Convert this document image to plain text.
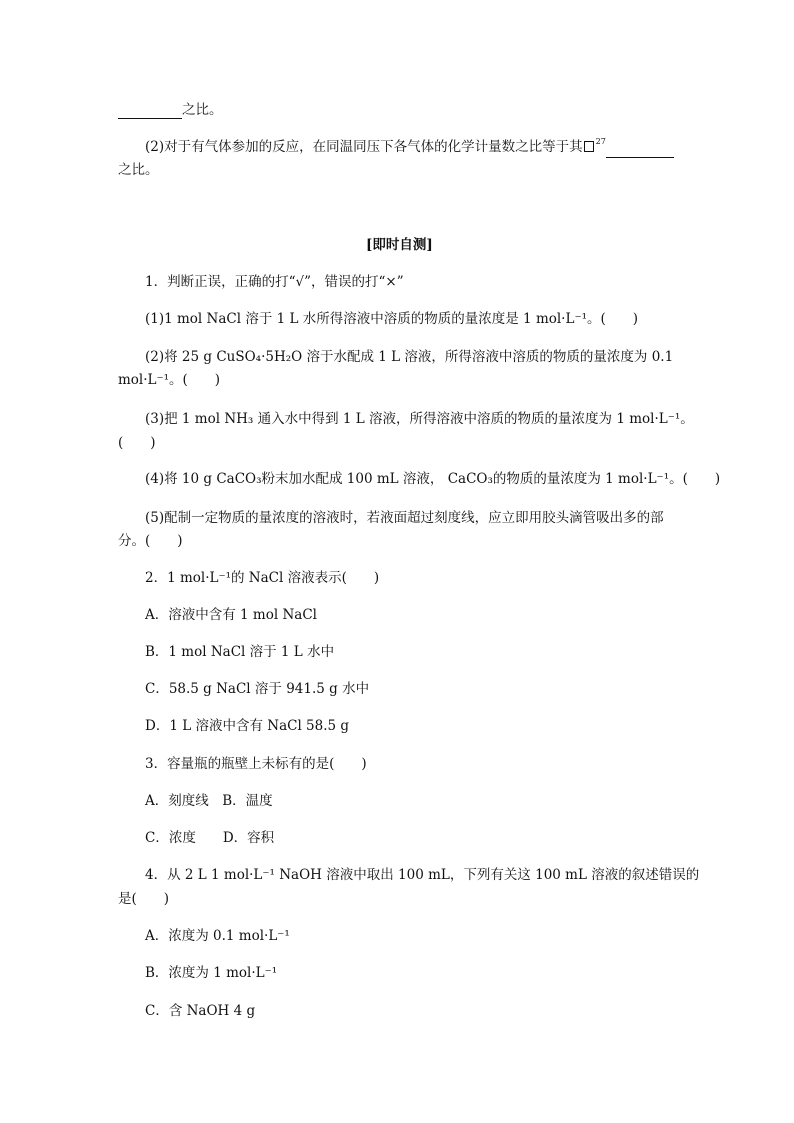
之比。
(2)对于有气体参加的反应，在同温同压下各气体的化学计量数之比等于其 $^{27}$
之比。
[即时自测]
1．判断正误，正确的打“√”，错误的打“×”
(1)1 mol NaCl 溶于 1 L 水所得溶液中溶质的物质的量浓度是 1 mol·L⁻¹。(　　)
(2)将 25 g CuSO₄·5H₂O 溶于水配成 1 L 溶液，所得溶液中溶质的物质的量浓度为 0.1
mol·L⁻¹。(　　)
(3)把 1 mol NH₃ 通入水中得到 1 L 溶液，所得溶液中溶质的物质的量浓度为 1 mol·L⁻¹。
(　　)
(4)将 10 g CaCO₃粉末加水配成 100 mL 溶液， CaCO₃的物质的量浓度为 1 mol·L⁻¹。(　　)
(5)配制一定物质的量浓度的溶液时，若液面超过刻度线，应立即用胶头滴管吸出多的部
分。(　　)
2．1 mol·L⁻¹的 NaCl 溶液表示(　　)
A．溶液中含有 1 mol NaCl
B．1 mol NaCl 溶于 1 L 水中
C．58.5 g NaCl 溶于 941.5 g 水中
D．1 L 溶液中含有 NaCl 58.5 g
3．容量瓶的瓶壁上未标有的是(　　)
A．刻度线　B．温度
C．浓度　　D．容积
4．从 2 L 1 mol·L⁻¹ NaOH 溶液中取出 100 mL，下列有关这 100 mL 溶液的叙述错误的
是(　　)
A．浓度为 0.1 mol·L⁻¹
B．浓度为 1 mol·L⁻¹
C．含 NaOH 4 g
